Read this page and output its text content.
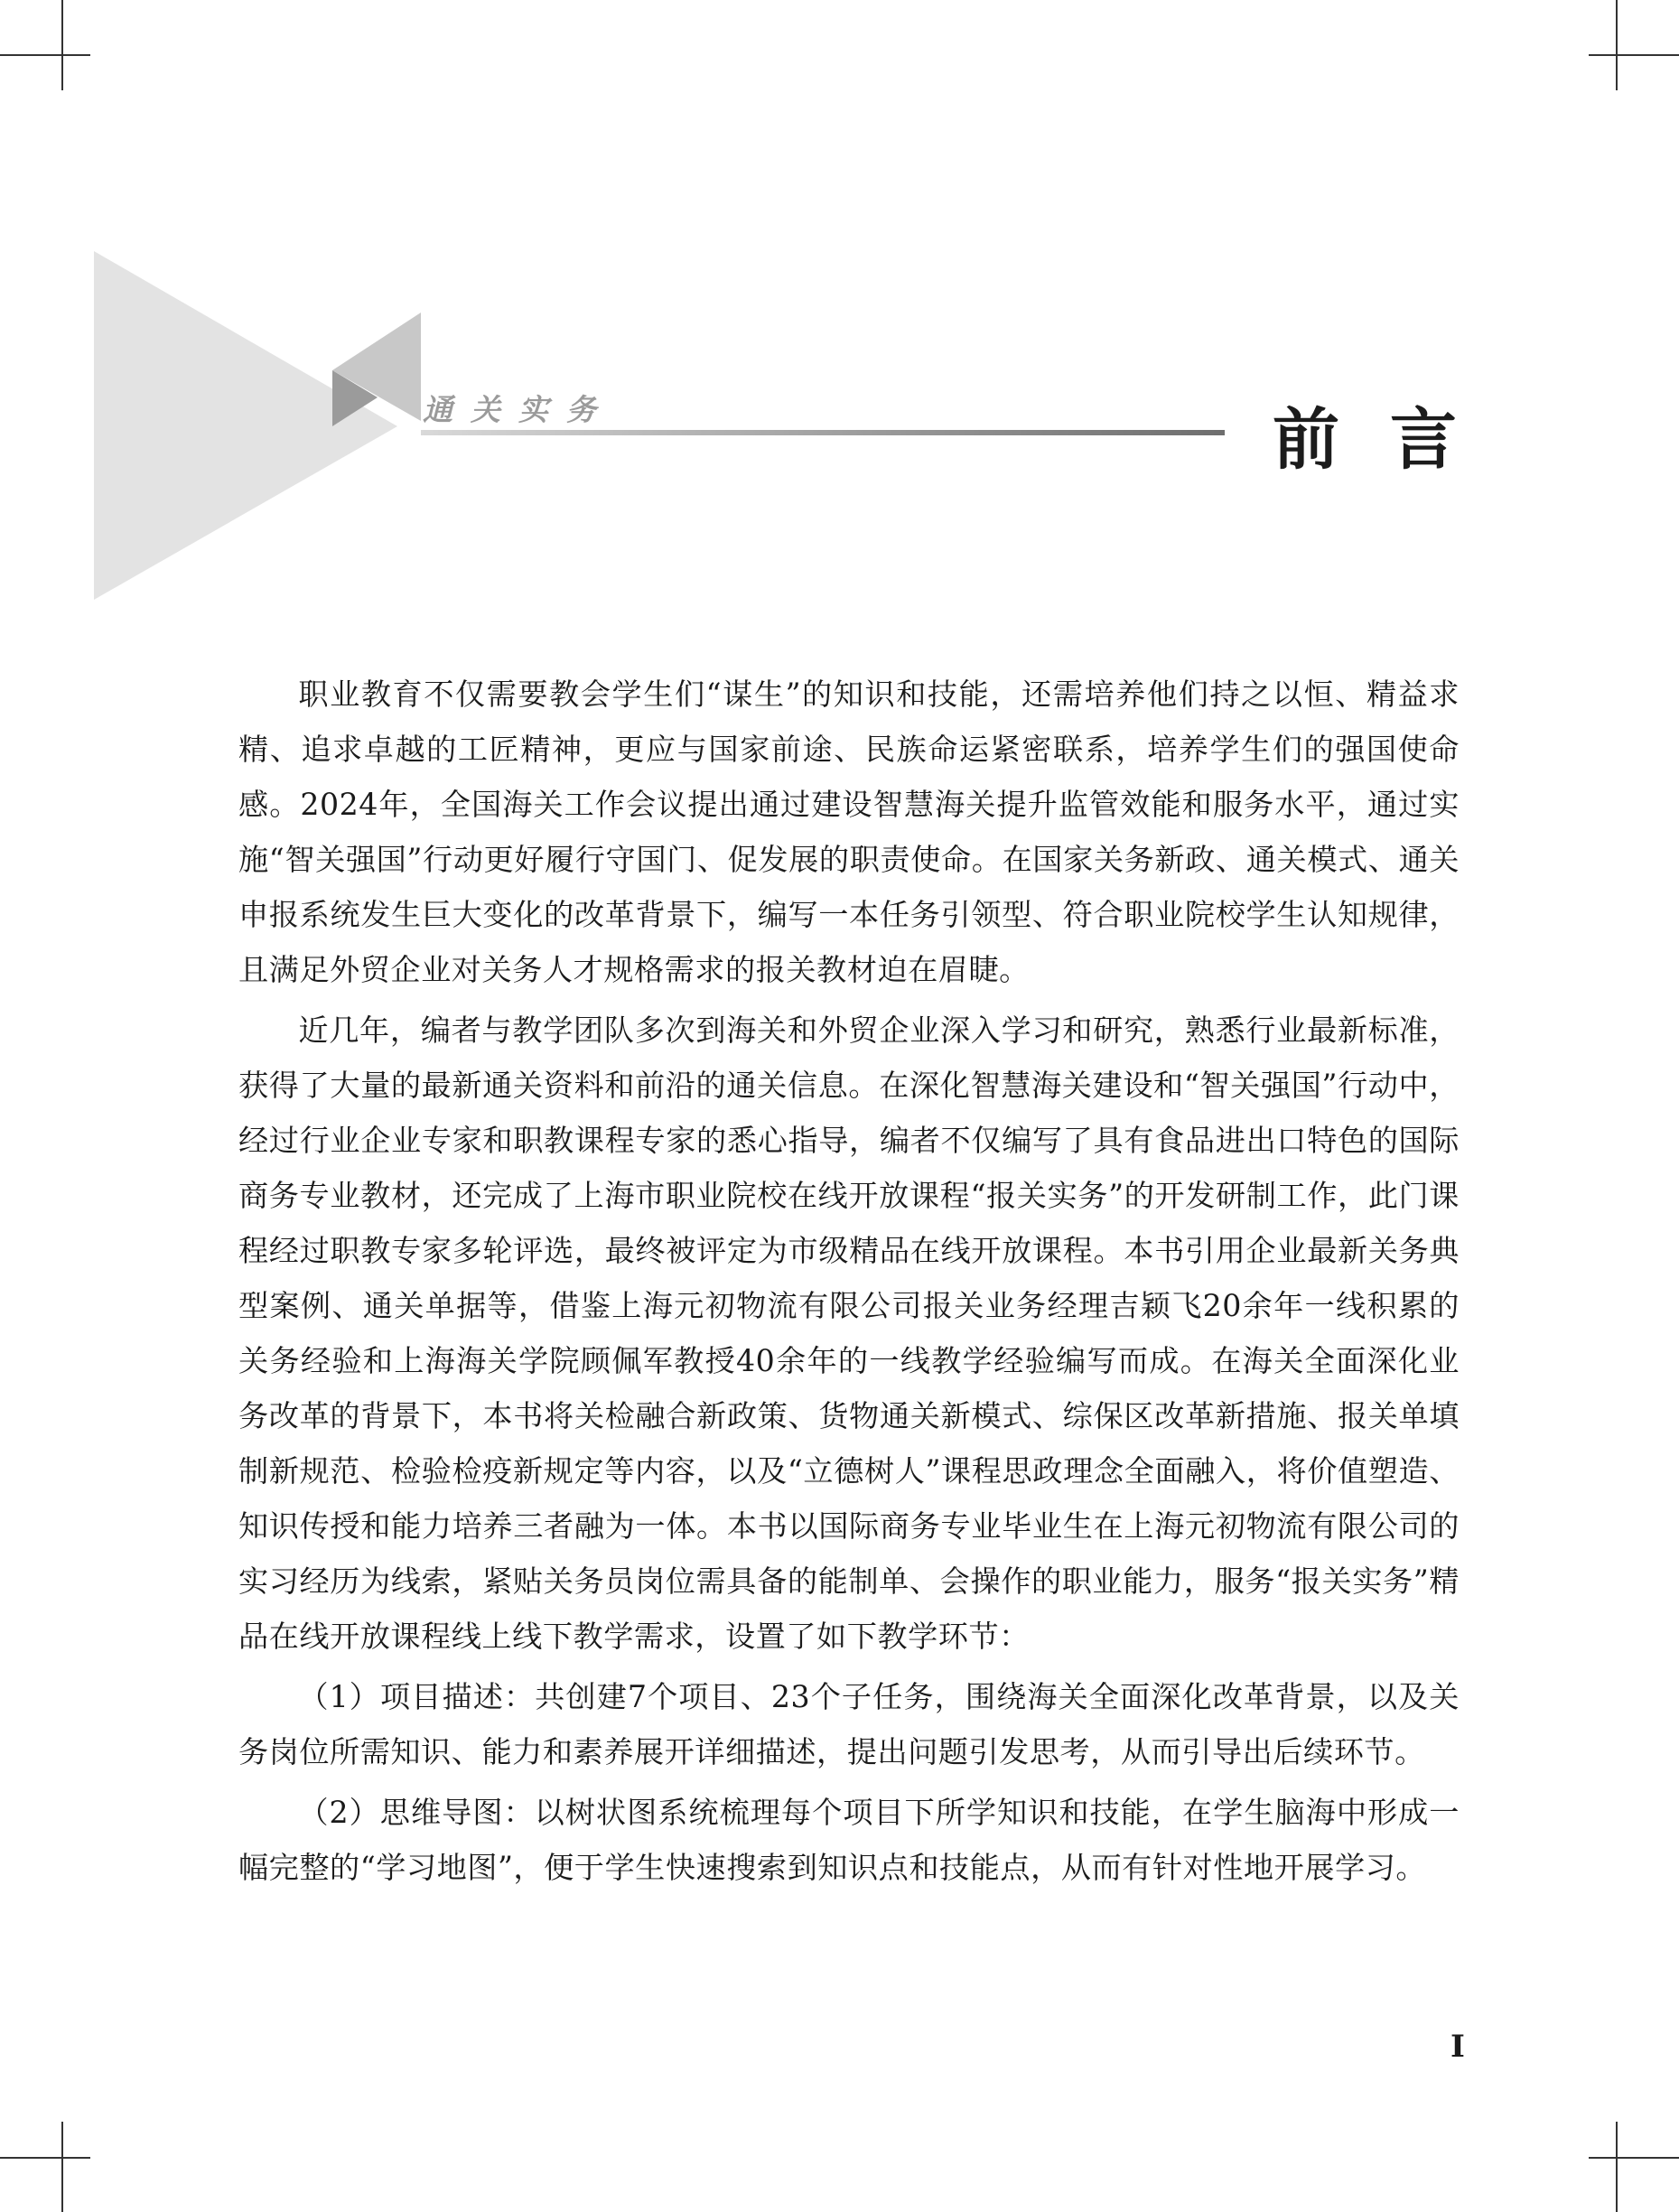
通关实务	前言

职业教育不仅需要教会学生们“谋生”的知识和技能，还需培养他们持之以恒、精益求精、追求卓越的工匠精神，更应与国家前途、民族命运紧密联系，培养学生们的强国使命感。2024年，全国海关工作会议提出通过建设智慧海关提升监管效能和服务水平，通过实施“智关强国”行动更好履行守国门、促发展的职责使命。在国家关务新政、通关模式、通关申报系统发生巨大变化的改革背景下，编写一本任务引领型、符合职业院校学生认知规律，且满足外贸企业对关务人才规格需求的报关教材迫在眉睫。

近几年，编者与教学团队多次到海关和外贸企业深入学习和研究，熟悉行业最新标准，获得了大量的最新通关资料和前沿的通关信息。在深化智慧海关建设和“智关强国”行动中，经过行业企业专家和职教课程专家的悉心指导，编者不仅编写了具有食品进出口特色的国际商务专业教材，还完成了上海市职业院校在线开放课程“报关实务”的开发研制工作，此门课程经过职教专家多轮评选，最终被评定为市级精品在线开放课程。本书引用企业最新关务典型案例、通关单据等，借鉴上海元初物流有限公司报关业务经理吉颖飞20余年一线积累的关务经验和上海海关学院顾佩军教授40余年的一线教学经验编写而成。在海关全面深化业务改革的背景下，本书将关检融合新政策、货物通关新模式、综保区改革新措施、报关单填制新规范、检验检疫新规定等内容，以及“立德树人”课程思政理念全面融入，将价值塑造、知识传授和能力培养三者融为一体。本书以国际商务专业毕业生在上海元初物流有限公司的实习经历为线索，紧贴关务员岗位需具备的能制单、会操作的职业能力，服务“报关实务”精品在线开放课程线上线下教学需求，设置了如下教学环节：

（1）项目描述：共创建7个项目、23个子任务，围绕海关全面深化改革背景，以及关务岗位所需知识、能力和素养展开详细描述，提出问题引发思考，从而引导出后续环节。

（2）思维导图：以树状图系统梳理每个项目下所学知识和技能，在学生脑海中形成一幅完整的“学习地图”，便于学生快速搜索到知识点和技能点，从而有针对性地开展学习。

I
